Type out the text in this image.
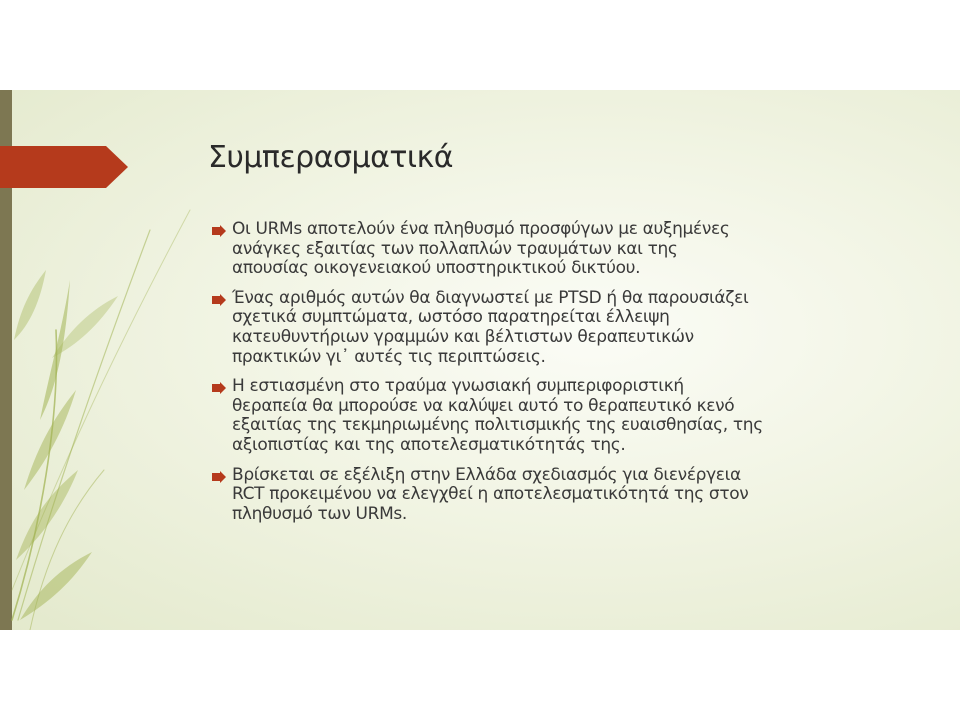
Συμπερασματικά
Οι URMs αποτελούν ένα πληθυσμό προσφύγων με αυξημένες
ανάγκες εξαιτίας των πολλαπλών τραυμάτων και της
απουσίας οικογενειακού υποστηρικτικού δικτύου.
Ένας αριθμός αυτών θα διαγνωστεί με PTSD ή θα παρουσιάζει
σχετικά συμπτώματα, ωστόσο παρατηρείται έλλειψη
κατευθυντήριων γραμμών και βέλτιστων θεραπευτικών
πρακτικών γι᾽ αυτές τις περιπτώσεις.
Η εστιασμένη στο τραύμα γνωσιακή συμπεριφοριστική
θεραπεία θα μπορούσε να καλύψει αυτό το θεραπευτικό κενό
εξαιτίας της τεκμηριωμένης πολιτισμικής της ευαισθησίας, της
αξιοπιστίας και της αποτελεσματικότητάς της.
Βρίσκεται σε εξέλιξη στην Ελλάδα σχεδιασμός για διενέργεια
RCT προκειμένου να ελεγχθεί η αποτελεσματικότητά της στον
πληθυσμό των URMs.
